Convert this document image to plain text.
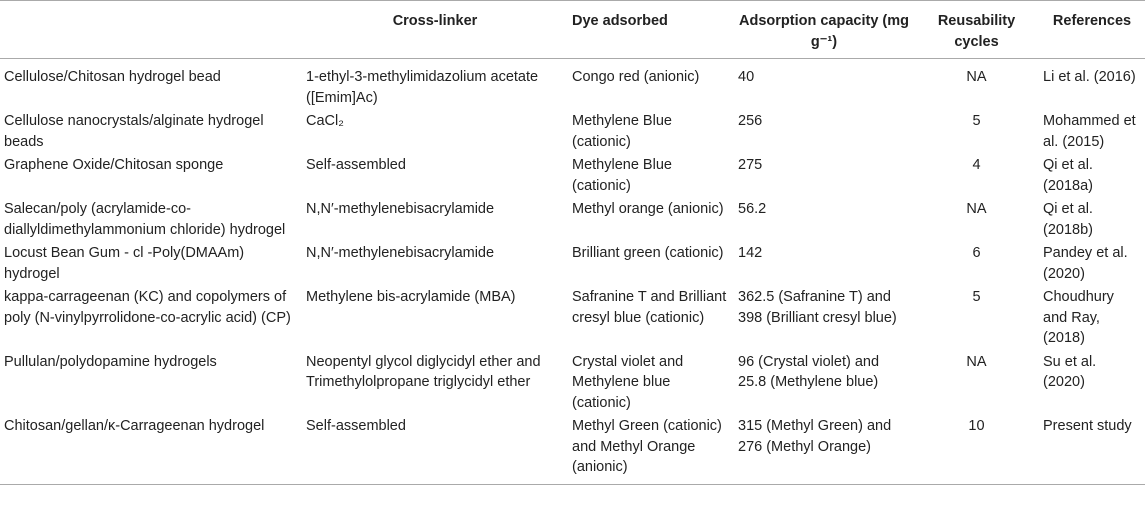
	Cross-linker	Dye adsorbed	Adsorption capacity (mg g⁻¹)	Reusability cycles	References
Cellulose/Chitosan hydrogel bead	1-ethyl-3-methylimidazolium acetate ([Emim]Ac)	Congo red (anionic)	40	NA	Li et al. (2016)
Cellulose nanocrystals/alginate hydrogel beads	CaCl₂	Methylene Blue (cationic)	256	5	Mohammed et al. (2015)
Graphene Oxide/Chitosan sponge	Self-assembled	Methylene Blue (cationic)	275	4	Qi et al. (2018a)
Salecan/poly (acrylamide-co-diallyldimethylammonium chloride) hydrogel	N,N′-methylenebisacrylamide	Methyl orange (anionic)	56.2	NA	Qi et al. (2018b)
Locust Bean Gum - cl -Poly(DMAAm) hydrogel	N,N′-methylenebisacrylamide	Brilliant green (cationic)	142	6	Pandey et al. (2020)
kappa-carrageenan (KC) and copolymers of poly (N-vinylpyrrolidone-co-acrylic acid) (CP)	Methylene bis-acrylamide (MBA)	Safranine T and Brilliant cresyl blue (cationic)	362.5 (Safranine T) and 398 (Brilliant cresyl blue)	5	Choudhury and Ray, (2018)
Pullulan/polydopamine hydrogels	Neopentyl glycol diglycidyl ether and Trimethylolpropane triglycidyl ether	Crystal violet and Methylene blue (cationic)	96 (Crystal violet) and 25.8 (Methylene blue)	NA	Su et al. (2020)
Chitosan/gellan/κ-Carrageenan hydrogel	Self-assembled	Methyl Green (cationic) and Methyl Orange (anionic)	315 (Methyl Green) and 276 (Methyl Orange)	10	Present study
